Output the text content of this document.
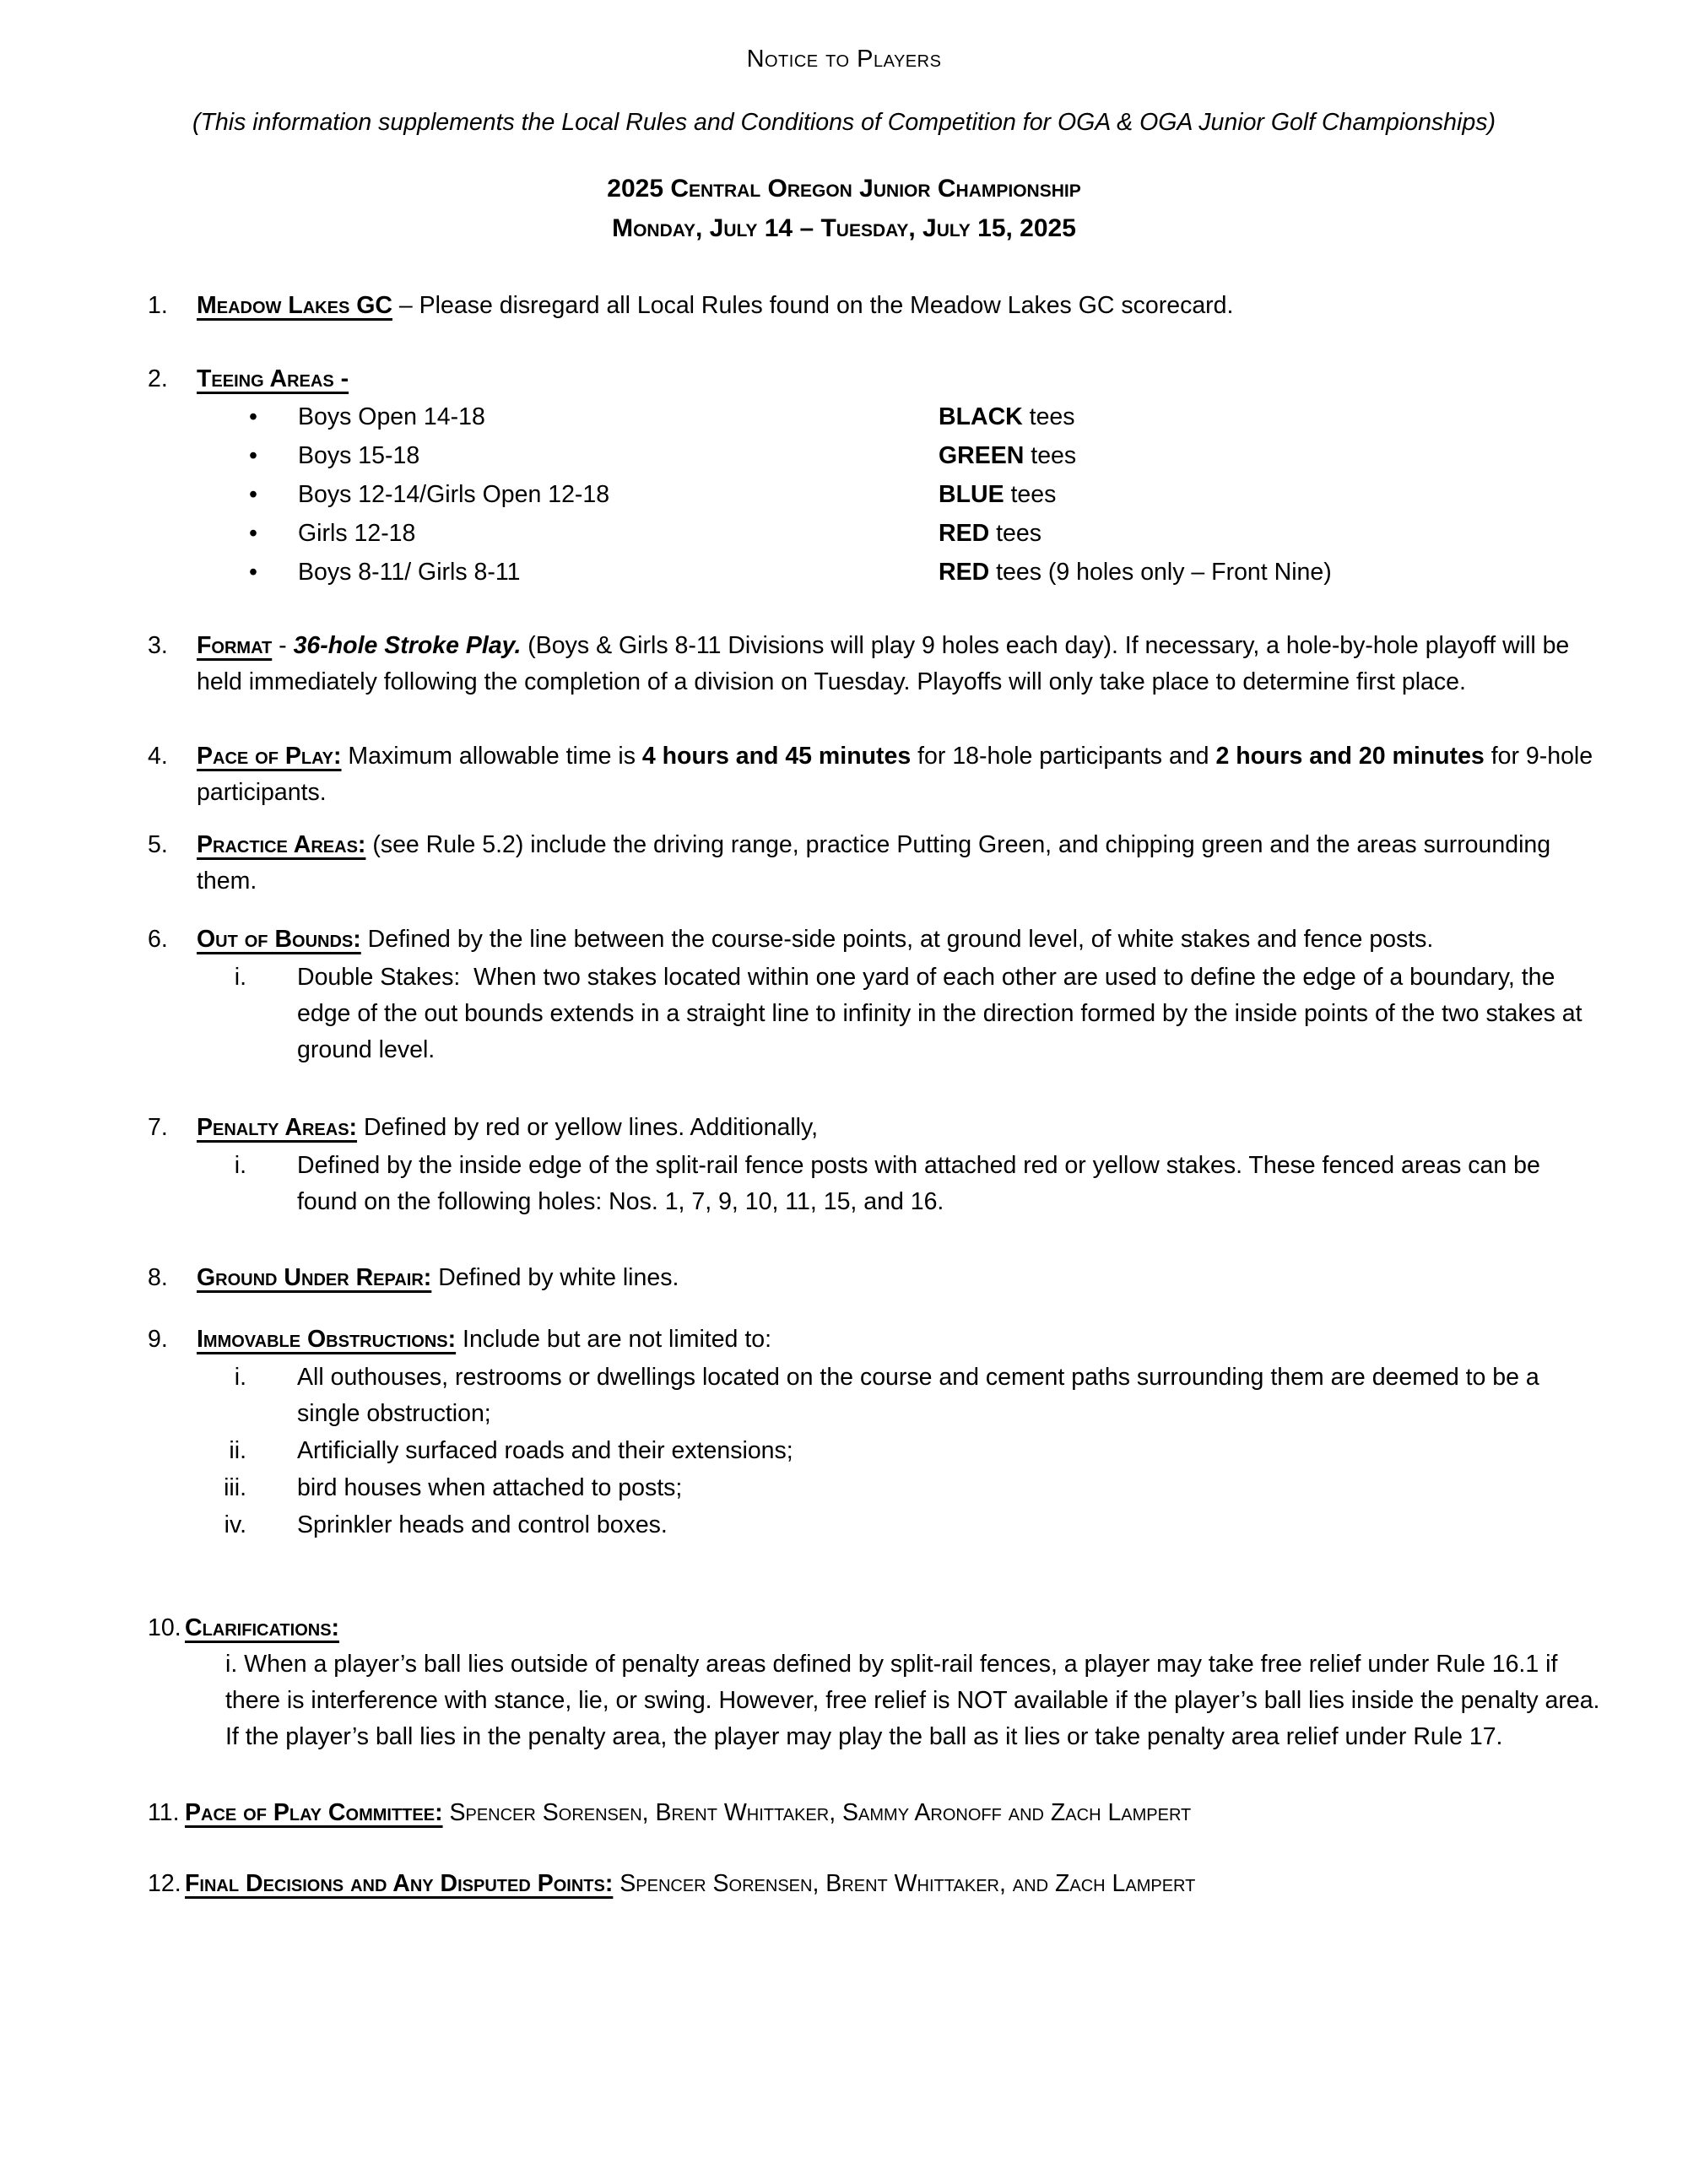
Notice to Players
(This information supplements the Local Rules and Conditions of Competition for OGA & OGA Junior Golf Championships)
2025 Central Oregon Junior Championship
Monday, July 14 – Tuesday, July 15, 2025
1.	Meadow Lakes GC – Please disregard all Local Rules found on the Meadow Lakes GC scorecard.
2.	Teeing Areas -
•	Boys Open 14-18	BLACK tees
•	Boys 15-18	GREEN tees
•	Boys 12-14/Girls Open 12-18	BLUE tees
•	Girls 12-18	RED tees
•	Boys 8-11/ Girls 8-11	RED tees (9 holes only – Front Nine)
3.	Format - 36-hole Stroke Play. (Boys & Girls 8-11 Divisions will play 9 holes each day). If necessary, a hole-by-hole playoff will be held immediately following the completion of a division on Tuesday. Playoffs will only take place to determine first place.
4.	Pace of Play: Maximum allowable time is 4 hours and 45 minutes for 18-hole participants and 2 hours and 20 minutes for 9-hole participants.
5.	Practice Areas: (see Rule 5.2) include the driving range, practice Putting Green, and chipping green and the areas surrounding them.
6.	Out of Bounds: Defined by the line between the course-side points, at ground level, of white stakes and fence posts.
i.	Double Stakes:  When two stakes located within one yard of each other are used to define the edge of a boundary, the edge of the out bounds extends in a straight line to infinity in the direction formed by the inside points of the two stakes at ground level.
7.	Penalty Areas: Defined by red or yellow lines. Additionally,
i.	Defined by the inside edge of the split-rail fence posts with attached red or yellow stakes. These fenced areas can be found on the following holes: Nos. 1, 7, 9, 10, 11, 15, and 16.
8.	Ground Under Repair: Defined by white lines.
9.	Immovable Obstructions: Include but are not limited to:
i.	All outhouses, restrooms or dwellings located on the course and cement paths surrounding them are deemed to be a single obstruction;
ii.	Artificially surfaced roads and their extensions;
iii.	bird houses when attached to posts;
iv.	Sprinkler heads and control boxes.
10. Clarifications:
i. When a player’s ball lies outside of penalty areas defined by split-rail fences, a player may take free relief under Rule 16.1 if there is interference with stance, lie, or swing. However, free relief is NOT available if the player’s ball lies inside the penalty area. If the player’s ball lies in the penalty area, the player may play the ball as it lies or take penalty area relief under Rule 17.
11. Pace of Play Committee: Spencer Sorensen, Brent Whittaker, Sammy Aronoff and Zach Lampert
12. Final Decisions and Any Disputed Points: Spencer Sorensen, Brent Whittaker, and Zach Lampert
